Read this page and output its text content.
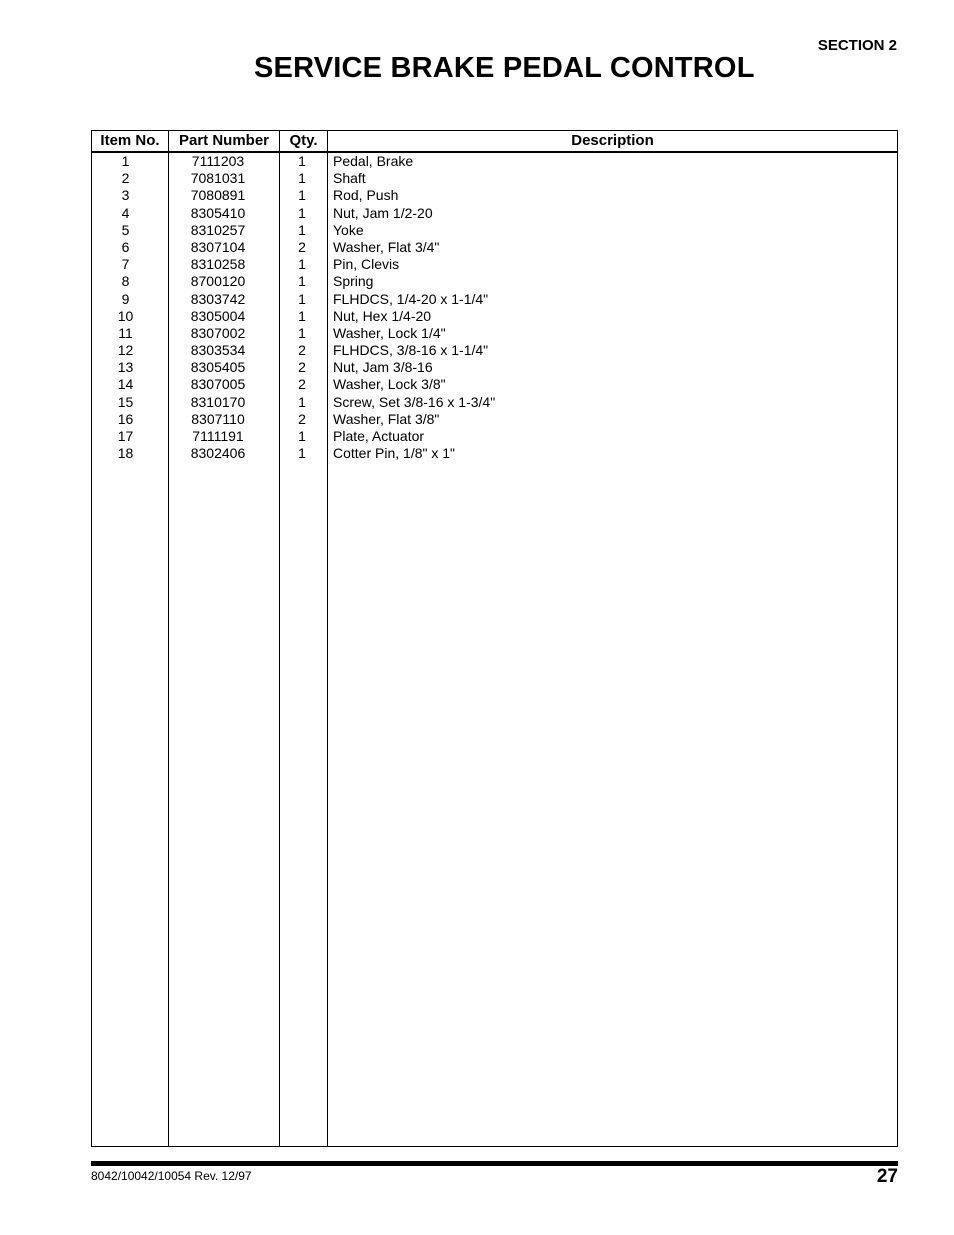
SECTION 2
SERVICE BRAKE PEDAL CONTROL
Item No.	Part Number	Qty.	Description
1	7111203	1	Pedal, Brake
2	7081031	1	Shaft
3	7080891	1	Rod, Push
4	8305410	1	Nut, Jam 1/2-20
5	8310257	1	Yoke
6	8307104	2	Washer, Flat 3/4"
7	8310258	1	Pin, Clevis
8	8700120	1	Spring
9	8303742	1	FLHDCS, 1/4-20 x 1-1/4"
10	8305004	1	Nut, Hex 1/4-20
11	8307002	1	Washer, Lock 1/4"
12	8303534	2	FLHDCS, 3/8-16 x 1-1/4"
13	8305405	2	Nut, Jam 3/8-16
14	8307005	2	Washer, Lock 3/8"
15	8310170	1	Screw, Set 3/8-16 x 1-3/4"
16	8307110	2	Washer, Flat 3/8"
17	7111191	1	Plate, Actuator
18	8302406	1	Cotter Pin, 1/8" x 1"
8042/10042/10054 Rev. 12/97	27
